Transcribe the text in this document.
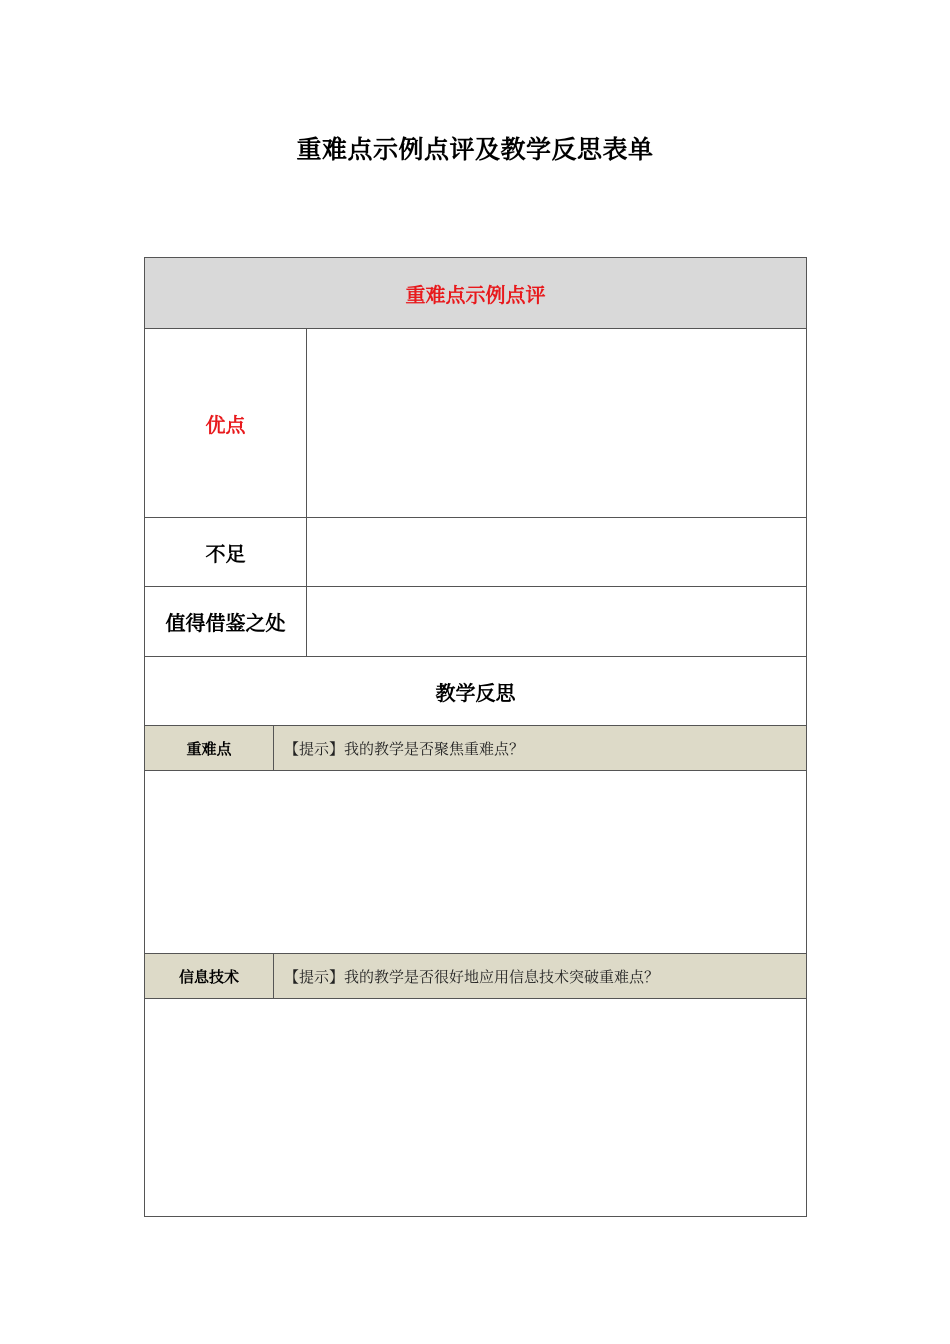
重难点示例点评及教学反思表单
重难点示例点评
优点
不足
值得借鉴之处
教学反思
重难点	【提示】我的教学是否聚焦重难点？
信息技术	【提示】我的教学是否很好地应用信息技术突破重难点？
